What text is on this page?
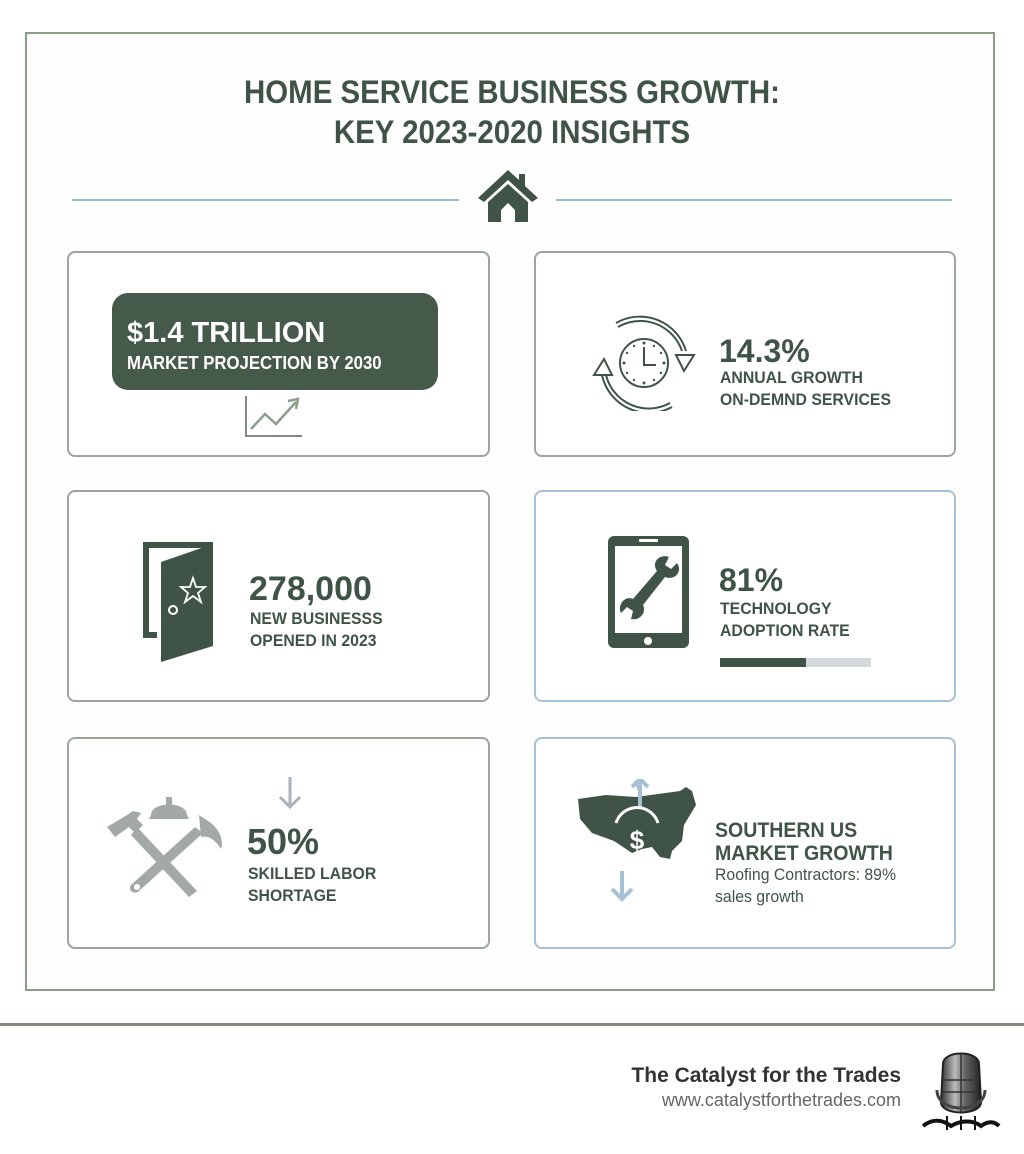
HOME SERVICE BUSINESS GROWTH:
KEY 2023-2020 INSIGHTS
$1.4 TRILLION
MARKET PROJECTION BY 2030	14.3%
ANNUAL GROWTH
ON-DEMND SERVICES
278,000
NEW BUSINESSS
OPENED IN 2023
81%
TECHNOLOGY
ADOPTION RATE
50%
SKILLED LABOR
SHORTAGE
$	SOUTHERN US
MARKET GROWTH
Roofing Contractors: 89%
sales growth
The Catalyst for the Trades
www.catalystforthetrades.com
